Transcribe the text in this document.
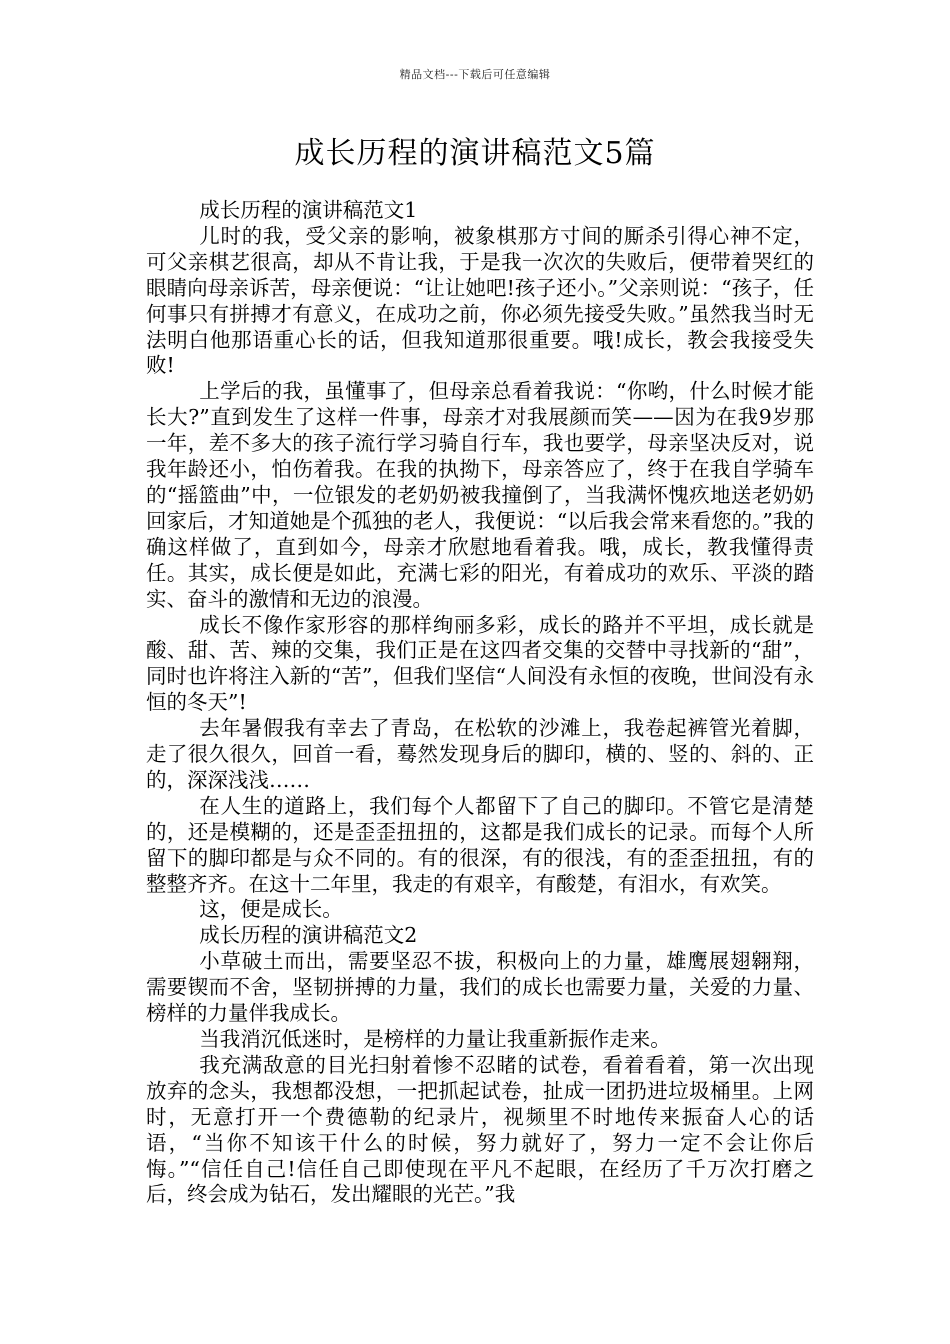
精品文档---下载后可任意编辑
成长历程的演讲稿范文5篇

成长历程的演讲稿范文1

儿时的我，受父亲的影响，被象棋那方寸间的厮杀引得心神不定，可父亲棋艺很高，却从不肯让我，于是我一次次的失败后，便带着哭红的眼睛向母亲诉苦，母亲便说：“让让她吧!孩子还小。”父亲则说：“孩子，任何事只有拼搏才有意义，在成功之前，你必须先接受失败。”虽然我当时无法明白他那语重心长的话，但我知道那很重要。哦!成长，教会我接受失败!

上学后的我，虽懂事了，但母亲总看着我说：“你哟，什么时候才能长大?”直到发生了这样一件事，母亲才对我展颜而笑——因为在我9岁那一年，差不多大的孩子流行学习骑自行车，我也要学，母亲坚决反对，说我年龄还小，怕伤着我。在我的执拗下，母亲答应了，终于在我自学骑车的“摇篮曲”中，一位银发的老奶奶被我撞倒了，当我满怀愧疚地送老奶奶回家后，才知道她是个孤独的老人，我便说：“以后我会常来看您的。”我的确这样做了，直到如今，母亲才欣慰地看着我。哦，成长，教我懂得责任。其实，成长便是如此，充满七彩的阳光，有着成功的欢乐、平淡的踏实、奋斗的激情和无边的浪漫。

成长不像作家形容的那样绚丽多彩，成长的路并不平坦，成长就是酸、甜、苦、辣的交集，我们正是在这四者交集的交替中寻找新的“甜”，同时也许将注入新的“苦”，但我们坚信“人间没有永恒的夜晚，世间没有永恒的冬天”!

去年暑假我有幸去了青岛，在松软的沙滩上，我卷起裤管光着脚，走了很久很久，回首一看，蓦然发现身后的脚印，横的、竖的、斜的、正的，深深浅浅……

在人生的道路上，我们每个人都留下了自己的脚印。不管它是清楚的，还是模糊的，还是歪歪扭扭的，这都是我们成长的记录。而每个人所留下的脚印都是与众不同的。有的很深，有的很浅，有的歪歪扭扭，有的整整齐齐。在这十二年里，我走的有艰辛，有酸楚，有泪水，有欢笑。

这，便是成长。

成长历程的演讲稿范文2

小草破土而出，需要坚忍不拔，积极向上的力量，雄鹰展翅翱翔，需要锲而不舍，坚韧拼搏的力量，我们的成长也需要力量，关爱的力量、榜样的力量伴我成长。

当我消沉低迷时，是榜样的力量让我重新振作走来。

我充满敌意的目光扫射着惨不忍睹的试卷，看着看着，第一次出现放弃的念头，我想都没想，一把抓起试卷，扯成一团扔进垃圾桶里。上网时，无意打开一个费德勒的纪录片，视频里不时地传来振奋人心的话语，“当你不知该干什么的时候，努力就好了，努力一定不会让你后悔。”“信任自己!信任自己即使现在平凡不起眼，在经历了千万次打磨之后，终会成为钻石，发出耀眼的光芒。”我
